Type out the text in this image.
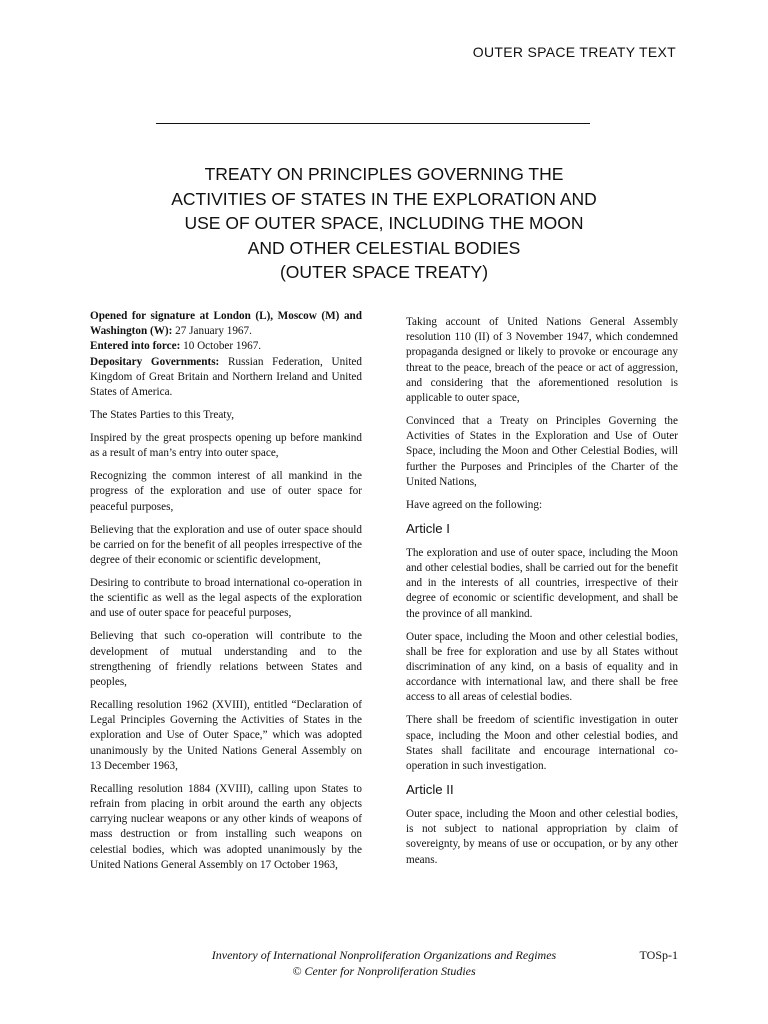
OUTER SPACE TREATY TEXT
TREATY ON PRINCIPLES GOVERNING THE
ACTIVITIES OF STATES IN THE EXPLORATION AND
USE OF OUTER SPACE, INCLUDING THE MOON
AND OTHER CELESTIAL BODIES
(OUTER SPACE TREATY)

Opened for signature at London (L), Moscow (M) and Washington (W): 27 January 1967.

Entered into force: 10 October 1967.

Depositary Governments: Russian Federation, United Kingdom of Great Britain and Northern Ireland and United States of America.

The States Parties to this Treaty,

Inspired by the great prospects opening up before mankind as a result of man’s entry into outer space,

Recognizing the common interest of all mankind in the progress of the exploration and use of outer space for peaceful purposes,

Believing that the exploration and use of outer space should be carried on for the benefit of all peoples irrespective of the degree of their economic or scientific development,

Desiring to contribute to broad international co-operation in the scientific as well as the legal aspects of the exploration and use of outer space for peaceful purposes,

Believing that such co-operation will contribute to the development of mutual understanding and to the strengthening of friendly relations between States and peoples,

Recalling resolution 1962 (XVIII), entitled “Declaration of Legal Principles Governing the Activities of States in the exploration and Use of Outer Space,” which was adopted unanimously by the United Nations General Assembly on 13 December 1963,

Recalling resolution 1884 (XVIII), calling upon States to refrain from placing in orbit around the earth any objects carrying nuclear weapons or any other kinds of weapons of mass destruction or from installing such weapons on celestial bodies, which was adopted unanimously by the United Nations General Assembly on 17 October 1963,

Taking account of United Nations General Assembly resolution 110 (II) of 3 November 1947, which condemned propaganda designed or likely to provoke or encourage any threat to the peace, breach of the peace or act of aggression, and considering that the aforementioned resolution is applicable to outer space,

Convinced that a Treaty on Principles Governing the Activities of States in the Exploration and Use of Outer Space, including the Moon and Other Celestial Bodies, will further the Purposes and Principles of the Charter of the United Nations,

Have agreed on the following:

Article I

The exploration and use of outer space, including the Moon and other celestial bodies, shall be carried out for the benefit and in the interests of all countries, irrespective of their degree of economic or scientific development, and shall be the province of all mankind.

Outer space, including the Moon and other celestial bodies, shall be free for exploration and use by all States without discrimination of any kind, on a basis of equality and in accordance with international law, and there shall be free access to all areas of celestial bodies.

There shall be freedom of scientific investigation in outer space, including the Moon and other celestial bodies, and States shall facilitate and encourage international co-operation in such investigation.

Article II

Outer space, including the Moon and other celestial bodies, is not subject to national appropriation by claim of sovereignty, by means of use or occupation, or by any other means.

Inventory of International Nonproliferation Organizations and Regimes
© Center for Nonproliferation Studies
TOSp-1
